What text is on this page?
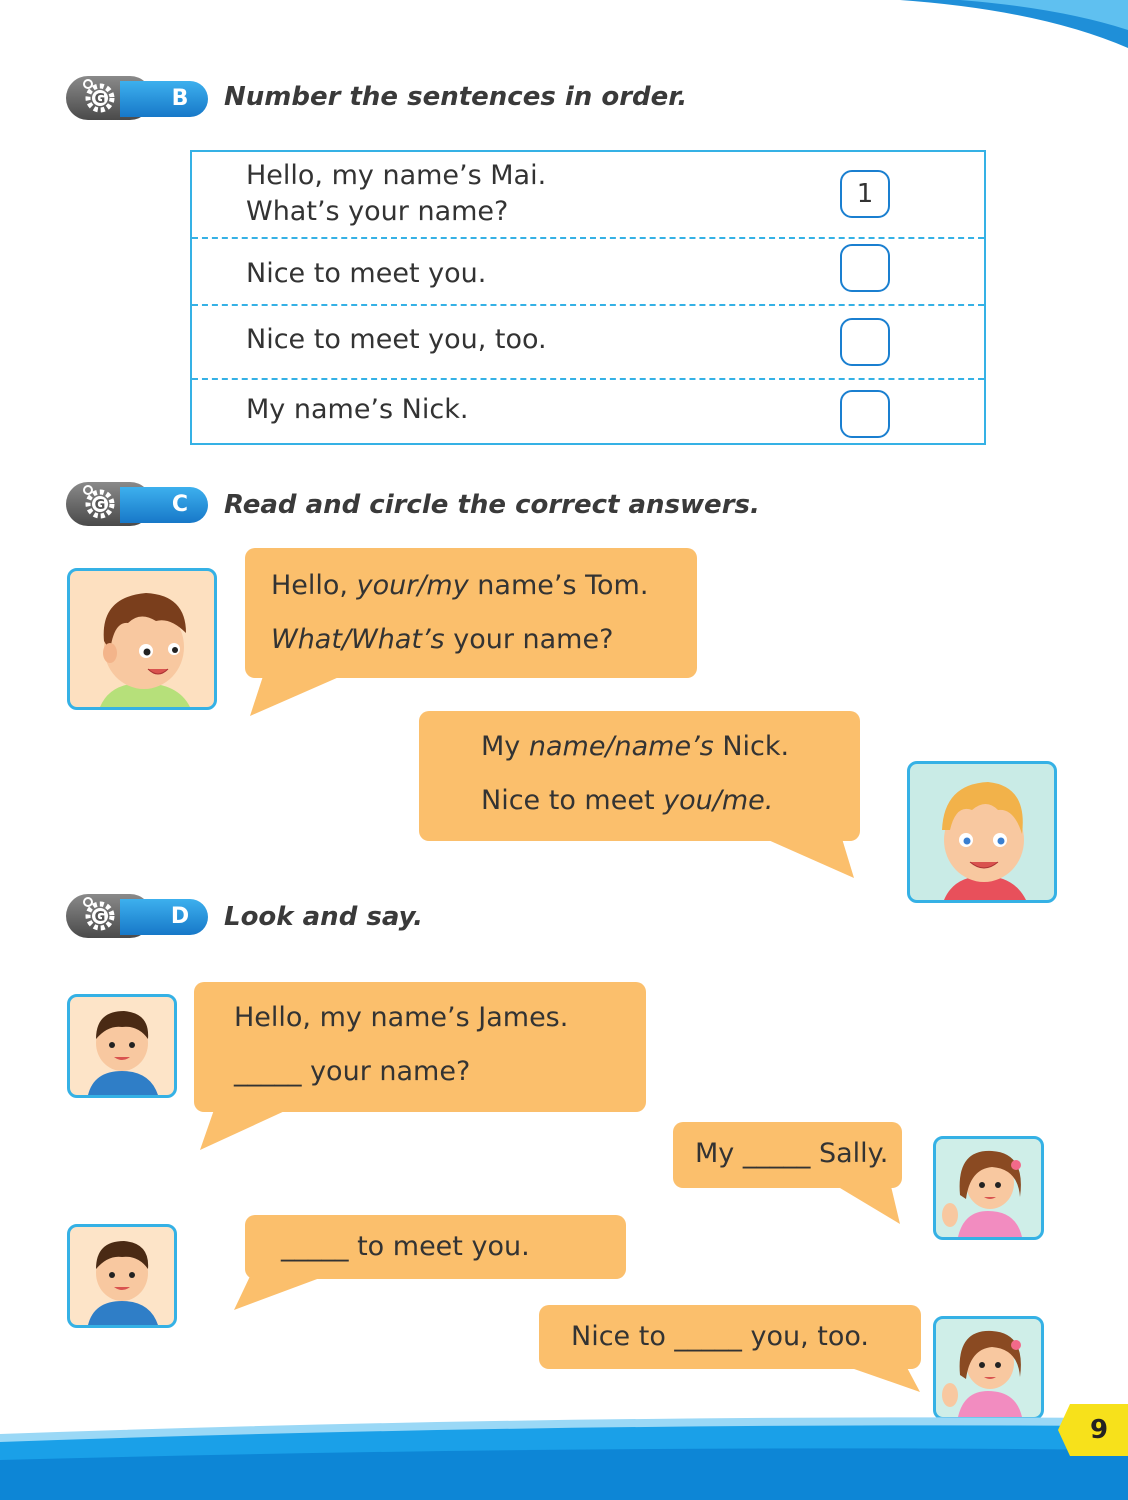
G	B Number the sentences in order.
Hello, my name’s Mai.
What’s your name?
1
Nice to meet you.
Nice to meet you, too.
My name’s Nick.
G	C Read and circle the correct answers.
Hello, your/my name’s Tom.
What/What’s your name?
My name/name’s Nick.
Nice to meet you/me.
G	D Look and say.
Hello, my name’s James.
_____ your name?
My _____ Sally.
_____ to meet you.
Nice to _____ you, too.
9
